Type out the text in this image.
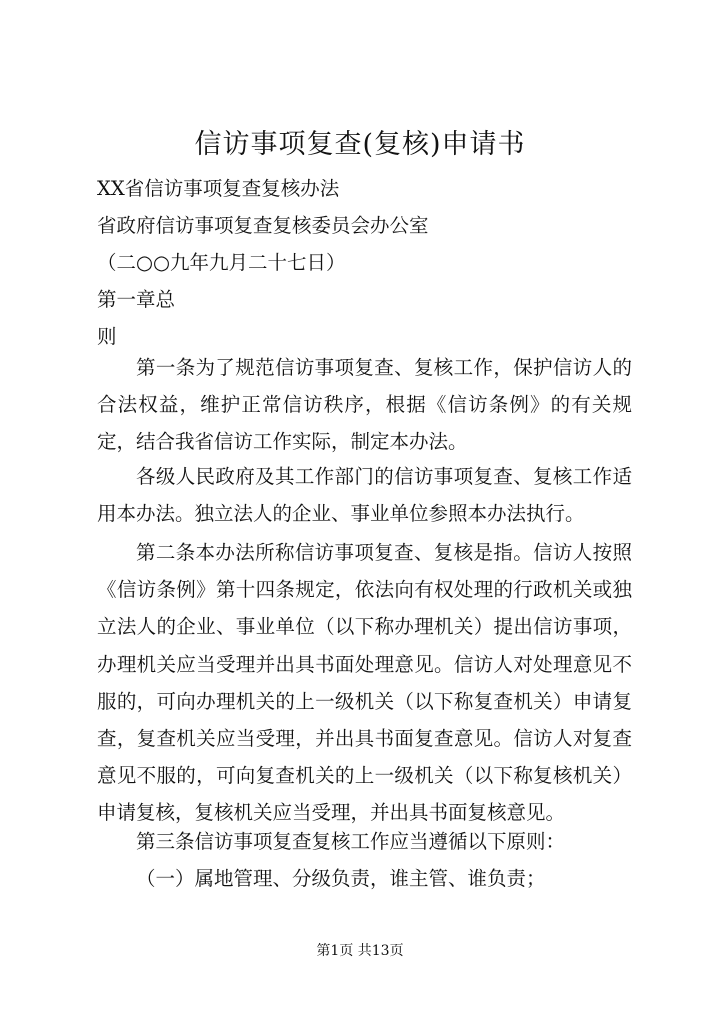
信访事项复查(复核)申请书

XX省信访事项复查复核办法

省政府信访事项复查复核委员会办公室

（二○○九年九月二十七日）

第一章总

则

第一条为了规范信访事项复查、复核工作，保护信访人的合法权益，维护正常信访秩序，根据《信访条例》的有关规定，结合我省信访工作实际，制定本办法。

各级人民政府及其工作部门的信访事项复查、复核工作适用本办法。独立法人的企业、事业单位参照本办法执行。

第二条本办法所称信访事项复查、复核是指。信访人按照《信访条例》第十四条规定，依法向有权处理的行政机关或独立法人的企业、事业单位（以下称办理机关）提出信访事项，办理机关应当受理并出具书面处理意见。信访人对处理意见不服的，可向办理机关的上一级机关（以下称复查机关）申请复查，复查机关应当受理，并出具书面复查意见。信访人对复查意见不服的，可向复查机关的上一级机关（以下称复核机关）申请复核，复核机关应当受理，并出具书面复核意见。

第三条信访事项复查复核工作应当遵循以下原则：

（一）属地管理、分级负责，谁主管、谁负责；

第1页 共13页
